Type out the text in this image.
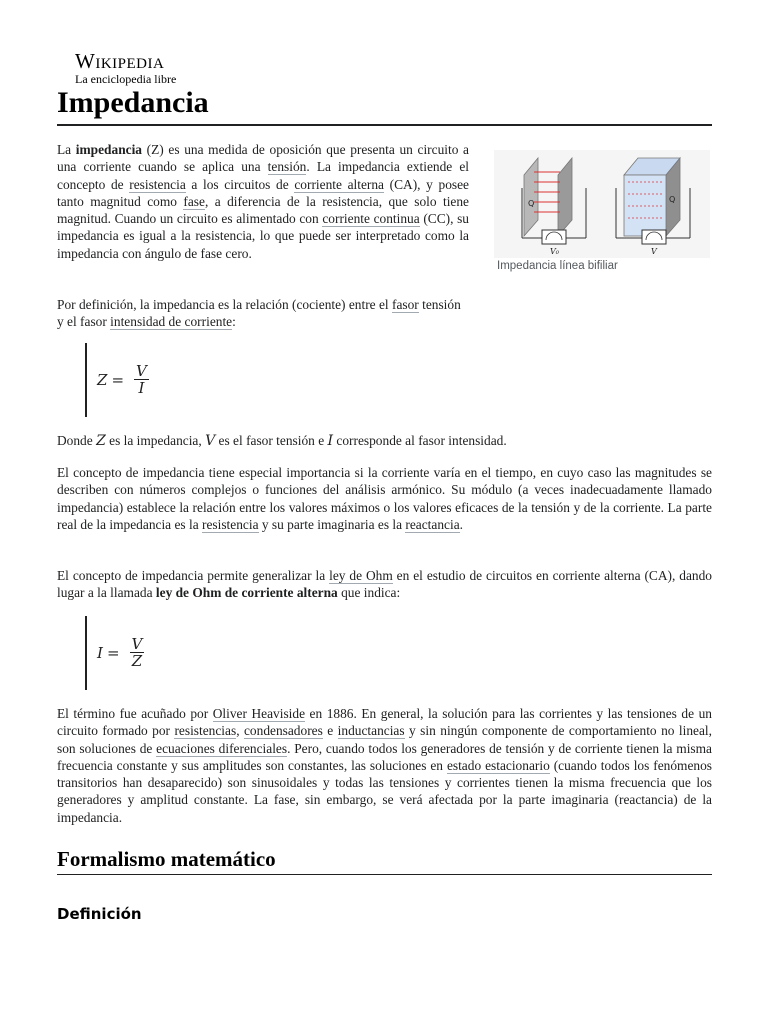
Wikipedia
La enciclopedia libre
Impedancia

La impedancia (Z) es una medida de oposición que presenta un circuito a una corriente cuando se aplica una tensión. La impedancia extiende el concepto de resistencia a los circuitos de corriente alterna (CA), y posee tanto magnitud como fase, a diferencia de la resistencia, que solo tiene magnitud. Cuando un circuito es alimentado con corriente continua (CC), su impedancia es igual a la resistencia, lo que puede ser interpretado como la impedancia con ángulo de fase cero.

Q
V₀
Q
V
Impedancia línea bifiliar

Por definición, la impedancia es la relación (cociente) entre el fasor tensión y el fasor intensidad de corriente:

$Z = \frac{V}{I}$

Donde Z es la impedancia, V es el fasor tensión e I corresponde al fasor intensidad.

El concepto de impedancia tiene especial importancia si la corriente varía en el tiempo, en cuyo caso las magnitudes se describen con números complejos o funciones del análisis armónico. Su módulo (a veces inadecuadamente llamado impedancia) establece la relación entre los valores máximos o los valores eficaces de la tensión y de la corriente. La parte real de la impedancia es la resistencia y su parte imaginaria es la reactancia.

El concepto de impedancia permite generalizar la ley de Ohm en el estudio de circuitos en corriente alterna (CA), dando lugar a la llamada ley de Ohm de corriente alterna que indica:

$I = \frac{V}{Z}$

El término fue acuñado por Oliver Heaviside en 1886. En general, la solución para las corrientes y las tensiones de un circuito formado por resistencias, condensadores e inductancias y sin ningún componente de comportamiento no lineal, son soluciones de ecuaciones diferenciales. Pero, cuando todos los generadores de tensión y de corriente tienen la misma frecuencia constante y sus amplitudes son constantes, las soluciones en estado estacionario (cuando todos los fenómenos transitorios han desaparecido) son sinusoidales y todas las tensiones y corrientes tienen la misma frecuencia que los generadores y amplitud constante. La fase, sin embargo, se verá afectada por la parte imaginaria (reactancia) de la impedancia.

Formalismo matemático
Definición
